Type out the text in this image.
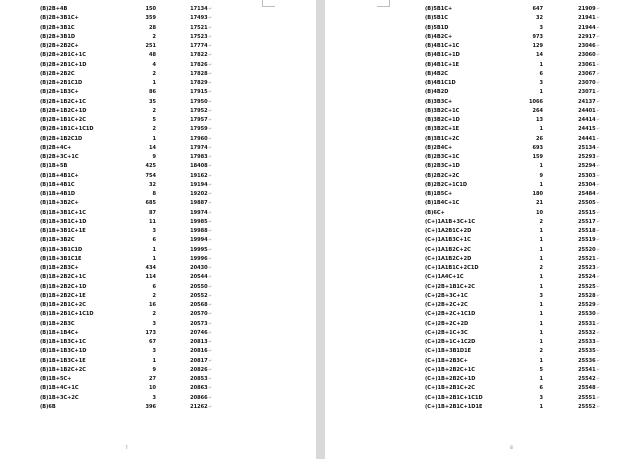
(B)2B+4B	150	17134 ↵
(B)2B+3B1C+	359	17493 ↵
(B)2B+3B1C	28	17521 ↵
(B)2B+3B1D	2	17523 ↵
(B)2B+2B2C+	251	17774 ↵
(B)2B+2B1C+1C	48	17822 ↵
(B)2B+2B1C+1D	4	17826 ↵
(B)2B+2B2C	2	17828 ↵
(B)2B+2B1C1D	1	17829 ↵
(B)2B+1B3C+	86	17915 ↵
(B)2B+1B2C+1C	35	17950 ↵
(B)2B+1B2C+1D	2	17952 ↵
(B)2B+1B1C+2C	5	17957 ↵
(B)2B+1B1C+1C1D	2	17959 ↵
(B)2B+1B2C1D	1	17960 ↵
(B)2B+4C+	14	17974 ↵
(B)2B+3C+1C	9	17983 ↵
(B)1B+5B	425	18408 ↵
(B)1B+4B1C+	754	19162 ↵
(B)1B+4B1C	32	19194 ↵
(B)1B+4B1D	8	19202 ↵
(B)1B+3B2C+	685	19887 ↵
(B)1B+3B1C+1C	87	19974 ↵
(B)1B+3B1C+1D	11	19985 ↵
(B)1B+3B1C+1E	3	19988 ↵
(B)1B+3B2C	6	19994 ↵
(B)1B+3B1C1D	1	19995 ↵
(B)1B+3B1C1E	1	19996 ↵
(B)1B+2B3C+	434	20430 ↵
(B)1B+2B2C+1C	114	20544 ↵
(B)1B+2B2C+1D	6	20550 ↵
(B)1B+2B2C+1E	2	20552 ↵
(B)1B+2B1C+2C	16	20568 ↵
(B)1B+2B1C+1C1D	2	20570 ↵
(B)1B+2B3C	3	20573 ↵
(B)1B+1B4C+	173	20746 ↵
(B)1B+1B3C+1C	67	20813 ↵
(B)1B+1B3C+1D	3	20816 ↵
(B)1B+1B3C+1E	1	20817 ↵
(B)1B+1B2C+2C	9	20826 ↵
(B)1B+5C+	27	20853 ↵
(B)1B+4C+1C	10	20863 ↵
(B)1B+3C+2C	3	20866 ↵
(B)6B	396	21262 ↵
7
(B)5B1C+	647	21909 ↵
(B)5B1C	32	21941 ↵
(B)5B1D	3	21944 ↵
(B)4B2C+	973	22917 ↵
(B)4B1C+1C	129	23046 ↵
(B)4B1C+1D	14	23060 ↵
(B)4B1C+1E	1	23061 ↵
(B)4B2C	6	23067 ↵
(B)4B1C1D	3	23070 ↵
(B)4B2D	1	23071 ↵
(B)3B3C+	1066	24137 ↵
(B)3B2C+1C	264	24401 ↵
(B)3B2C+1D	13	24414 ↵
(B)3B2C+1E	1	24415 ↵
(B)3B1C+2C	26	24441 ↵
(B)2B4C+	693	25134 ↵
(B)2B3C+1C	159	25293 ↵
(B)2B3C+1D	1	25294 ↵
(B)2B2C+2C	9	25303 ↵
(B)2B2C+1C1D	1	25304 ↵
(B)1B5C+	180	25484 ↵
(B)1B4C+1C	21	25505 ↵
(B)6C+	10	25515 ↵
(C+)1A1B+3C+1C	2	25517 ↵
(C+)1A2B1C+2D	1	25518 ↵
(C+)1A1B3C+1C	1	25519 ↵
(C+)1A1B2C+2C	1	25520 ↵
(C+)1A1B2C+2D	1	25521 ↵
(C+)1A1B1C+2C1D	2	25523 ↵
(C+)1A4C+1C	1	25524 ↵
(C+)2B+1B1C+2C	1	25525 ↵
(C+)2B+3C+1C	3	25528 ↵
(C+)2B+2C+2C	1	25529 ↵
(C+)2B+2C+1C1D	1	25530 ↵
(C+)2B+2C+2D	1	25531 ↵
(C+)2B+1C+3C	1	25532 ↵
(C+)2B+1C+1C2D	1	25533 ↵
(C+)1B+3B1D1E	2	25535 ↵
(C+)1B+2B3C+	1	25536 ↵
(C+)1B+2B2C+1C	5	25541 ↵
(C+)1B+2B2C+1D	1	25542 ↵
(C+)1B+2B1C+2C	6	25548 ↵
(C+)1B+2B1C+1C1D	3	25551 ↵
(C+)1B+2B1C+1D1E	1	25552 ↵
8
